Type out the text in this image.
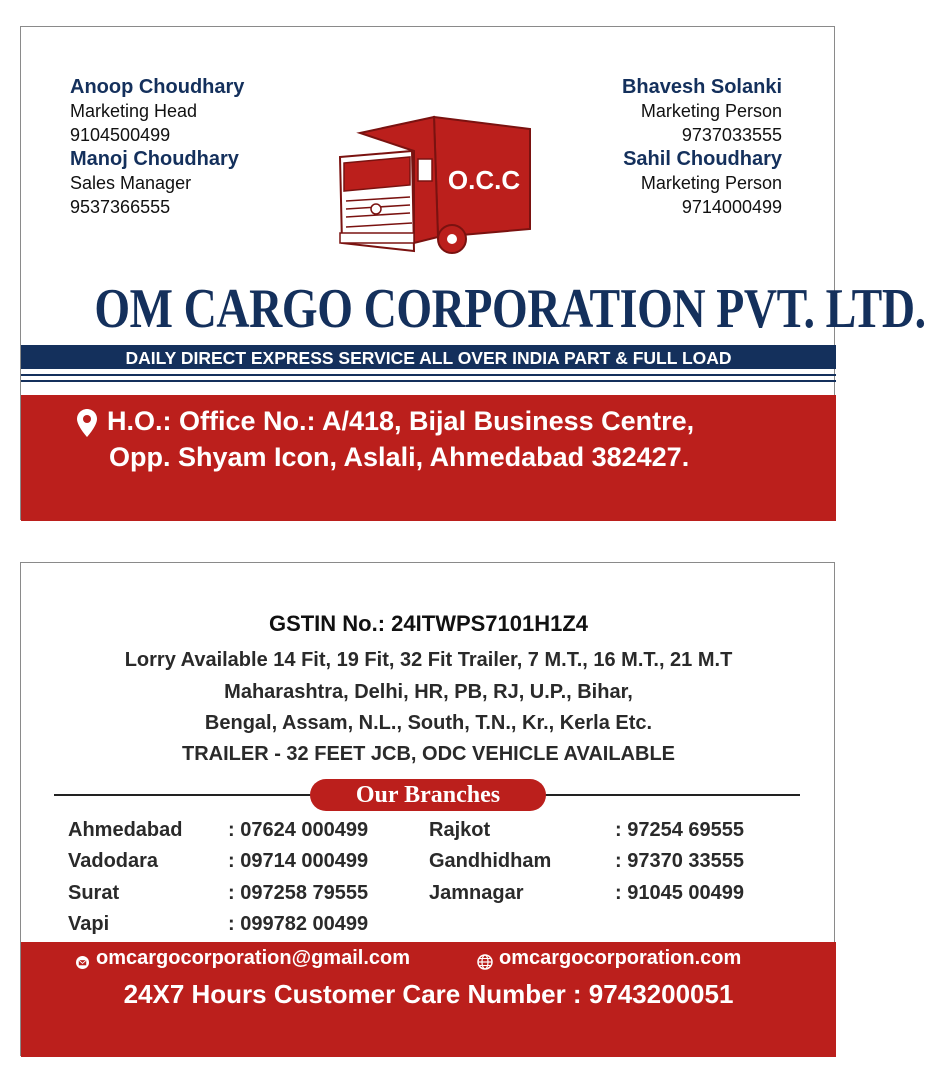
Anoop Choudhary
Marketing Head
9104500499
Manoj Choudhary
Sales Manager
9537366555
Bhavesh Solanki
Marketing Person
9737033555
Sahil Choudhary
Marketing Person
9714000499
O.C.C
OM CARGO CORPORATION PVT. LTD.
DAILY DIRECT EXPRESS SERVICE ALL OVER INDIA PART & FULL LOAD
H.O.: Office No.: A/418, Bijal Business Centre,
Opp. Shyam Icon, Aslali, Ahmedabad 382427.
GSTIN No.: 24ITWPS7101H1Z4
Lorry Available 14 Fit, 19 Fit, 32 Fit Trailer, 7 M.T., 16 M.T., 21 M.T
Maharashtra, Delhi, HR, PB, RJ, U.P., Bihar,
Bengal, Assam, N.L., South, T.N., Kr., Kerla Etc.
TRAILER - 32 FEET JCB, ODC VEHICLE AVAILABLE
Our Branches
Ahmedabad : 07624 000499
Vadodara	: 09714 000499
Surat	: 097258 79555
Vapi	: 099782 00499
Rajkot	: 97254 69555
Gandhidham	: 97370 33555
Jamnagar	: 91045 00499
omcargocorporation@gmail.com	omcargocorporation.com
24X7 Hours Customer Care Number : 9743200051
